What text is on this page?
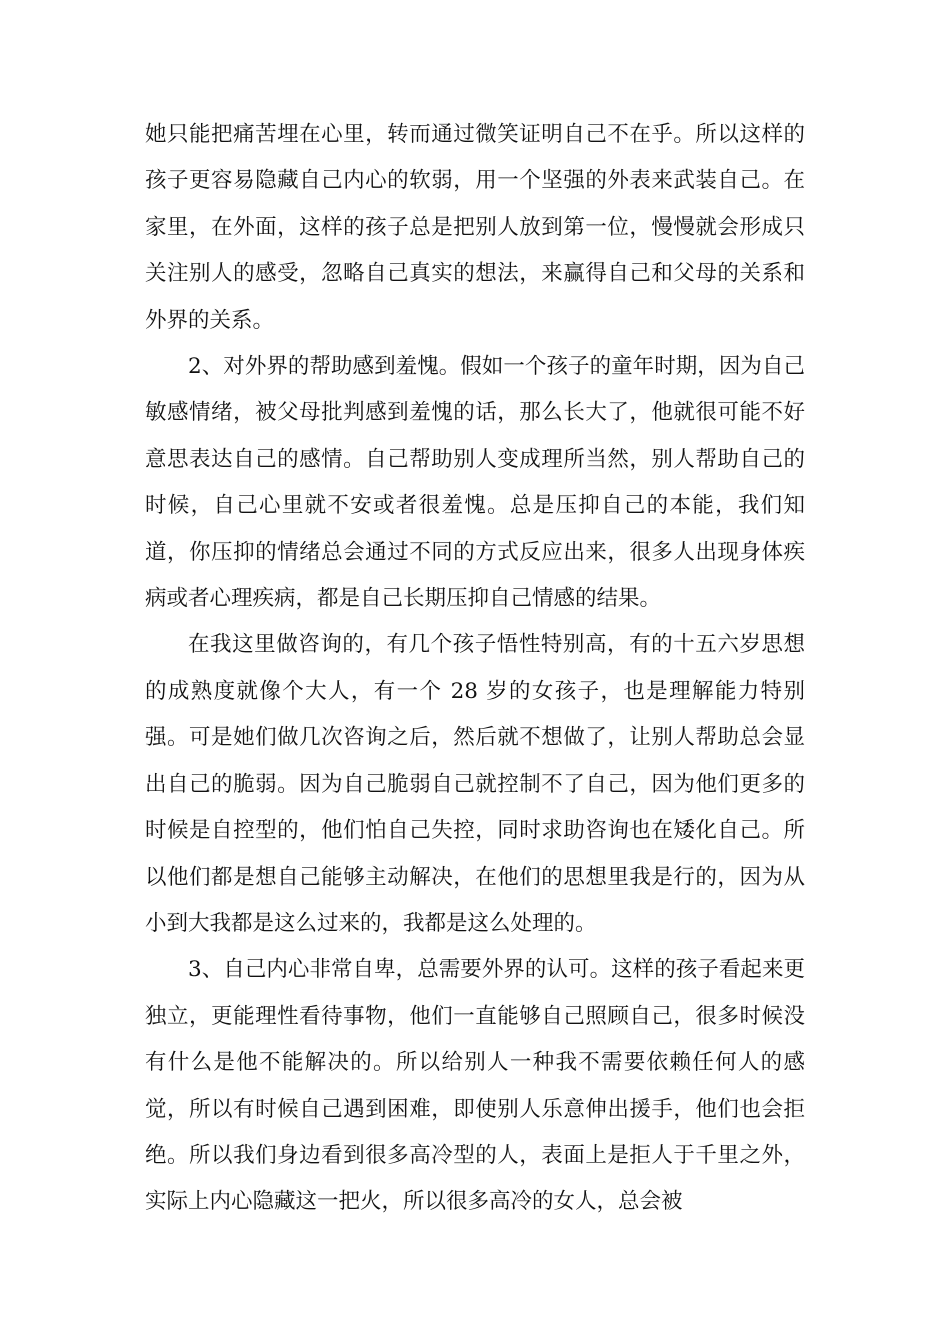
她只能把痛苦埋在心里，转而通过微笑证明自己不在乎。所以这样的孩子更容易隐藏自己内心的软弱，用一个坚强的外表来武装自己。在家里，在外面，这样的孩子总是把别人放到第一位，慢慢就会形成只关注别人的感受，忽略自己真实的想法，来赢得自己和父母的关系和外界的关系。

2、对外界的帮助感到羞愧。假如一个孩子的童年时期，因为自己敏感情绪，被父母批判感到羞愧的话，那么长大了，他就很可能不好意思表达自己的感情。自己帮助别人变成理所当然，别人帮助自己的时候，自己心里就不安或者很羞愧。总是压抑自己的本能，我们知道，你压抑的情绪总会通过不同的方式反应出来，很多人出现身体疾病或者心理疾病，都是自己长期压抑自己情感的结果。

在我这里做咨询的，有几个孩子悟性特别高，有的十五六岁思想的成熟度就像个大人，有一个 28 岁的女孩子，也是理解能力特别强。可是她们做几次咨询之后，然后就不想做了，让别人帮助总会显出自己的脆弱。因为自己脆弱自己就控制不了自己，因为他们更多的时候是自控型的，他们怕自己失控，同时求助咨询也在矮化自己。所以他们都是想自己能够主动解决，在他们的思想里我是行的，因为从小到大我都是这么过来的，我都是这么处理的。

3、自己内心非常自卑，总需要外界的认可。这样的孩子看起来更独立，更能理性看待事物，他们一直能够自己照顾自己，很多时候没有什么是他不能解决的。所以给别人一种我不需要依赖任何人的感觉，所以有时候自己遇到困难，即使别人乐意伸出援手，他们也会拒绝。所以我们身边看到很多高冷型的人，表面上是拒人于千里之外，实际上内心隐藏这一把火，所以很多高冷的女人，总会被
